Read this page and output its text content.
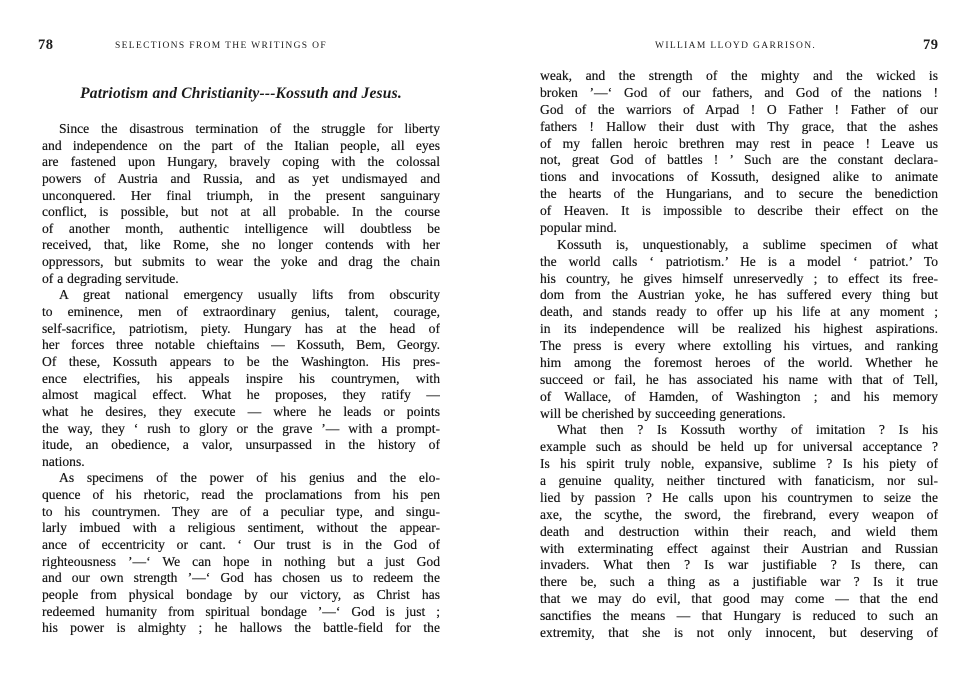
78	SELECTIONS FROM THE WRITINGS OF
Patriotism and Christianity---Kossuth and Jesus.
Since the disastrous termination of the struggle for liberty
and independence on the part of the Italian people, all eyes
are fastened upon Hungary, bravely coping with the colossal
powers of Austria and Russia, and as yet undismayed and
unconquered. Her final triumph, in the present sanguinary
conflict, is possible, but not at all probable. In the course
of another month, authentic intelligence will doubtless be
received, that, like Rome, she no longer contends with her
oppressors, but submits to wear the yoke and drag the chain
of a degrading servitude.
A great national emergency usually lifts from obscurity
to eminence, men of extraordinary genius, talent, courage,
self-sacrifice, patriotism, piety. Hungary has at the head of
her forces three notable chieftains — Kossuth, Bem, Georgy.
Of these, Kossuth appears to be the Washington. His pres-
ence electrifies, his appeals inspire his countrymen, with
almost magical effect. What he proposes, they ratify —
what he desires, they execute — where he leads or points
the way, they ‘ rush to glory or the grave ’— with a prompt-
itude, an obedience, a valor, unsurpassed in the history of
nations.
As specimens of the power of his genius and the elo-
quence of his rhetoric, read the proclamations from his pen
to his countrymen. They are of a peculiar type, and singu-
larly imbued with a religious sentiment, without the appear-
ance of eccentricity or cant. ‘ Our trust is in the God of
righteousness ’—‘ We can hope in nothing but a just God
and our own strength ’—‘ God has chosen us to redeem the
people from physical bondage by our victory, as Christ has
redeemed humanity from spiritual bondage ’—‘ God is just ;
his power is almighty ; he hallows the battle-field for the
WILLIAM LLOYD GARRISON.	79
weak, and the strength of the mighty and the wicked is
broken ’—‘ God of our fathers, and God of the nations !
God of the warriors of Arpad ! O Father ! Father of our
fathers ! Hallow their dust with Thy grace, that the ashes
of my fallen heroic brethren may rest in peace ! Leave us
not, great God of battles ! ’ Such are the constant declara-
tions and invocations of Kossuth, designed alike to animate
the hearts of the Hungarians, and to secure the benediction
of Heaven. It is impossible to describe their effect on the
popular mind.
Kossuth is, unquestionably, a sublime specimen of what
the world calls ‘ patriotism.’ He is a model ‘ patriot.’ To
his country, he gives himself unreservedly ; to effect its free-
dom from the Austrian yoke, he has suffered every thing but
death, and stands ready to offer up his life at any moment ;
in its independence will be realized his highest aspirations.
The press is every where extolling his virtues, and ranking
him among the foremost heroes of the world. Whether he
succeed or fail, he has associated his name with that of Tell,
of Wallace, of Hamden, of Washington ; and his memory
will be cherished by succeeding generations.
What then ? Is Kossuth worthy of imitation ? Is his
example such as should be held up for universal acceptance ?
Is his spirit truly noble, expansive, sublime ? Is his piety of
a genuine quality, neither tinctured with fanaticism, nor sul-
lied by passion ? He calls upon his countrymen to seize the
axe, the scythe, the sword, the firebrand, every weapon of
death and destruction within their reach, and wield them
with exterminating effect against their Austrian and Russian
invaders. What then ? Is war justifiable ? Is there, can
there be, such a thing as a justifiable war ? Is it true
that we may do evil, that good may come — that the end
sanctifies the means — that Hungary is reduced to such an
extremity, that she is not only innocent, but deserving of
